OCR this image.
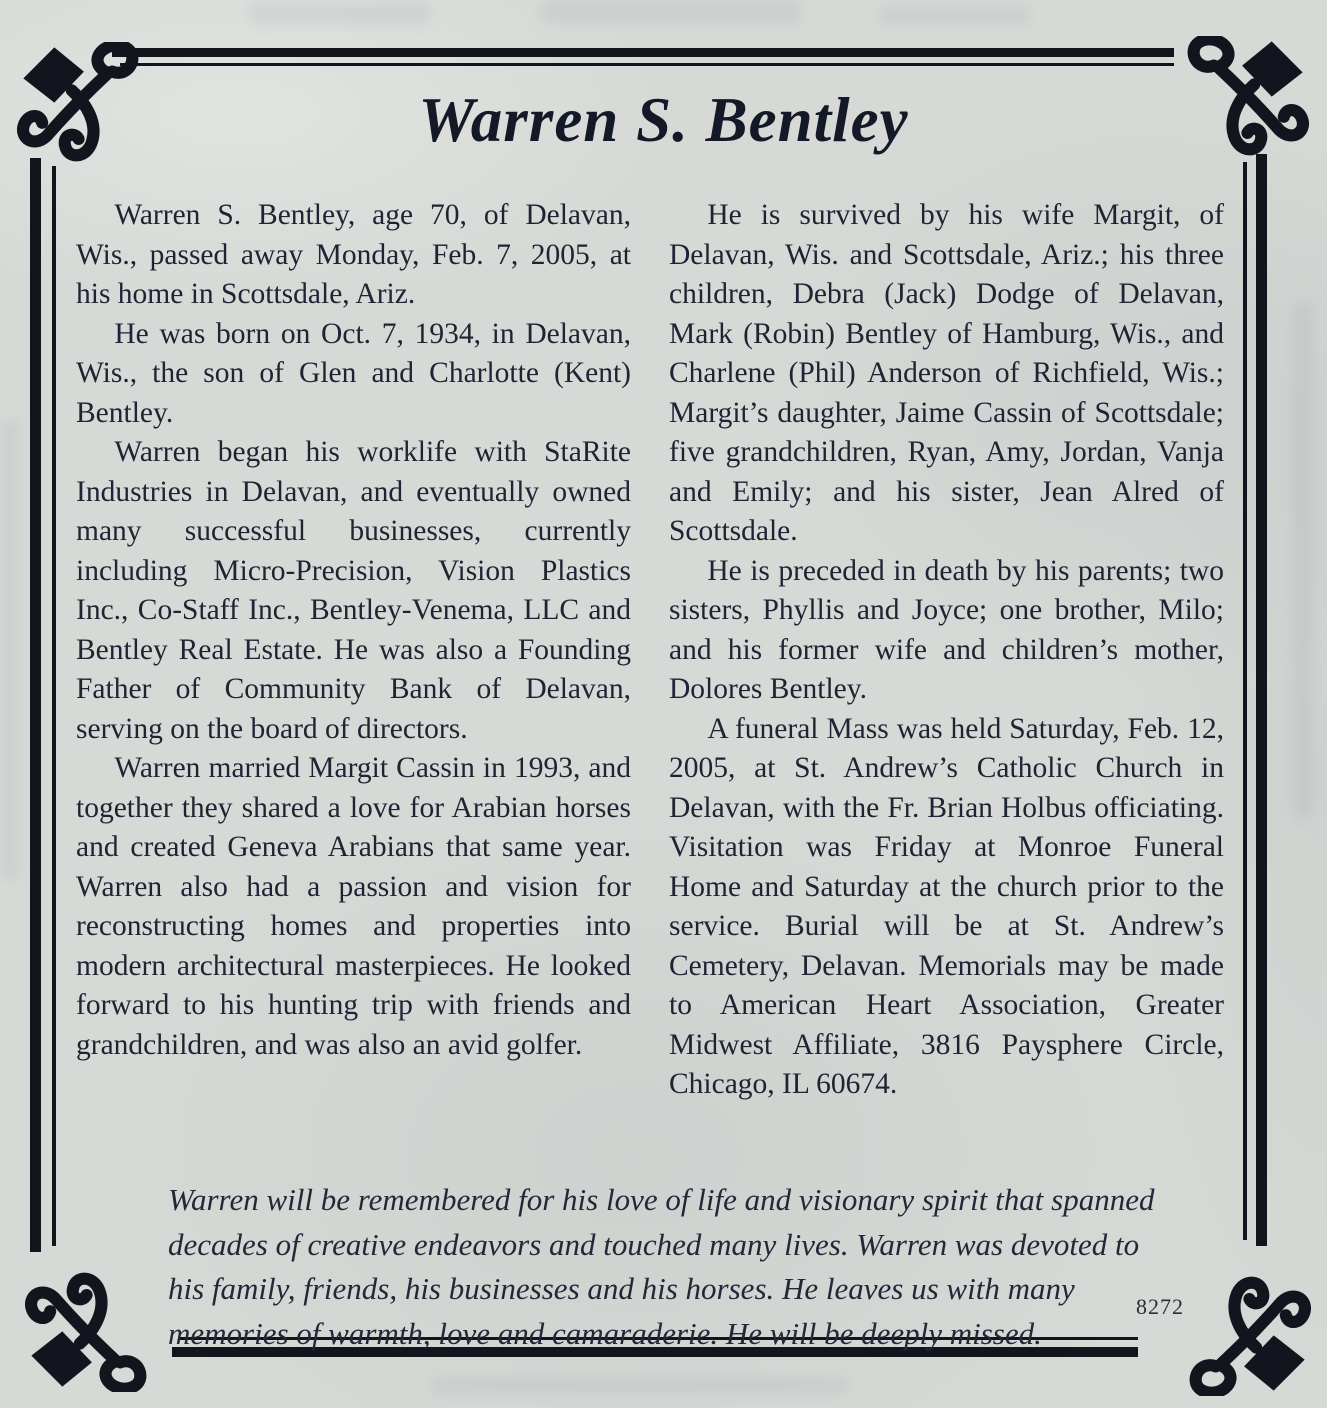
Warren S. Bentley

Warren S. Bentley, age 70, of Delavan, Wis., passed away Monday, Feb. 7, 2005, at his home in Scottsdale, Ariz.

He was born on Oct. 7, 1934, in Delavan, Wis., the son of Glen and Charlotte (Kent) Bentley.

Warren began his worklife with StaRite Industries in Delavan, and eventually owned many successful businesses, currently including Micro-Precision, Vision Plastics Inc., Co-Staff Inc., Bentley-Venema, LLC and Bentley Real Estate. He was also a Founding Father of Community Bank of Delavan, serving on the board of directors.

Warren married Margit Cassin in 1993, and together they shared a love for Arabian horses and created Geneva Arabians that same year. Warren also had a passion and vision for reconstructing homes and properties into modern architectural masterpieces. He looked forward to his hunting trip with friends and grandchildren, and was also an avid golfer.

He is survived by his wife Margit, of Delavan, Wis. and Scottsdale, Ariz.; his three children, Debra (Jack) Dodge of Delavan, Mark (Robin) Bentley of Hamburg, Wis., and Charlene (Phil) Anderson of Richfield, Wis.; Margit’s daughter, Jaime Cassin of Scottsdale; five grandchildren, Ryan, Amy, Jordan, Vanja and Emily; and his sister, Jean Alred of Scottsdale.

He is preceded in death by his parents; two sisters, Phyllis and Joyce; one brother, Milo; and his former wife and children’s mother, Dolores Bentley.

A funeral Mass was held Saturday, Feb. 12, 2005, at St. Andrew’s Catholic Church in Delavan, with the Fr. Brian Holbus officiating. Visitation was Friday at Monroe Funeral Home and Saturday at the church prior to the service. Burial will be at St. Andrew’s Cemetery, Delavan. Memorials may be made to American Heart Association, Greater Midwest Affiliate, 3816 Paysphere Circle, Chicago, IL 60674.

Warren will be remembered for his love of life and visionary spirit that spanned decades of creative endeavors and touched many lives. Warren was devoted to his family, friends, his businesses and his horses. He leaves us with many memories of warmth, love and camaraderie. He will be deeply missed.
8272
